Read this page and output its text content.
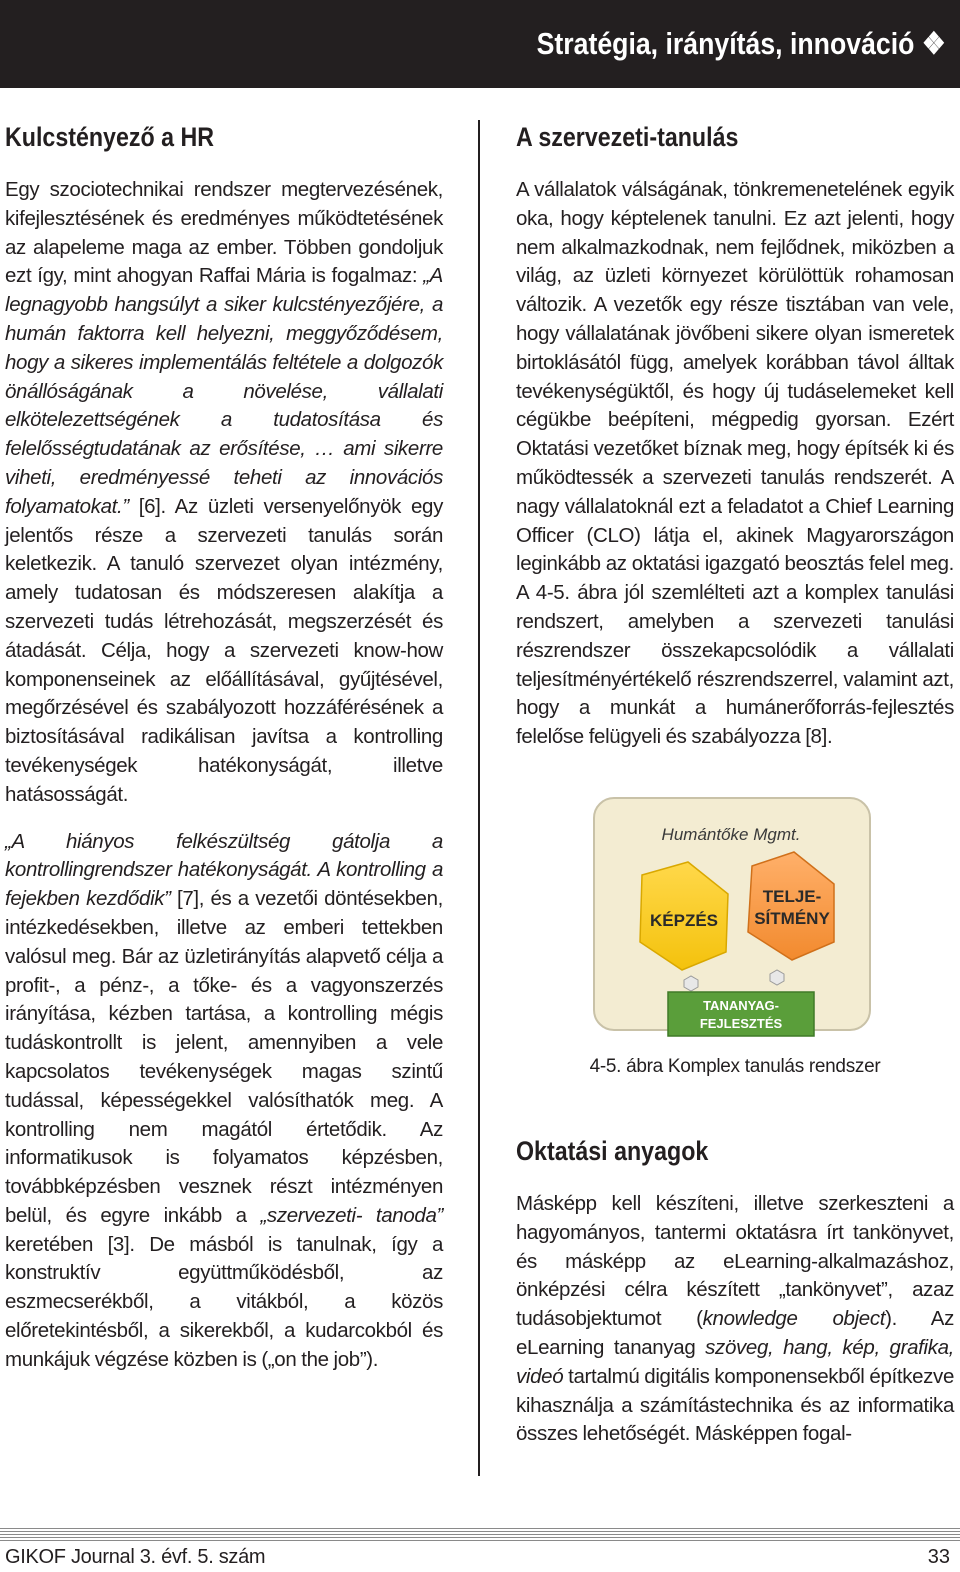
Stratégia, irányítás, innováció ❖
Kulcstényező a HR

Egy szociotechnikai rendszer megtervezésének, kifejlesztésének és eredményes működtetésének az alapeleme maga az ember. Többen gondoljuk ezt így, mint ahogyan Raffai Mária is fogalmaz: „A legnagyobb hangsúlyt a siker kulcstényezőjére, a humán faktorra kell helyezni, meggyőződésem, hogy a sikeres implementálás feltétele a dolgozók önállóságának a növelése, vállalati elkötelezettségének a tudatosítása és felelősségtudatának az erősítése, … ami sikerre viheti, eredményessé teheti az innovációs folyamatokat.” [6]. Az üzleti versenyelőnyök egy jelentős része a szervezeti tanulás során keletkezik. A tanuló szervezet olyan intézmény, amely tudatosan és módszeresen alakítja a szervezeti tudás létrehozását, megszerzését és átadását. Célja, hogy a szervezeti know-how komponenseinek az előállításával, gyűjtésével, megőrzésével és szabályozott hozzáférésének a biztosításával radikálisan javítsa a kontrolling tevékenységek hatékonyságát, illetve hatásosságát.

„A hiányos felkészültség gátolja a kontrollingrendszer hatékonyságát. A kontrolling a fejekben kezdődik” [7], és a vezetői döntésekben, intézkedésekben, illetve az emberi tettekben valósul meg. Bár az üzletirányítás alapvető célja a profit-, a pénz-, a tőke- és a vagyonszerzés irányítása, kézben tartása, a kontrolling mégis tudáskontrollt is jelent, amennyiben a vele kapcsolatos tevékenységek magas szintű tudással, képességekkel valósíthatók meg. A kontrolling nem magától értetődik. Az informatikusok is folyamatos képzésben, továbbképzésben vesznek részt intézményen belül, és egyre inkább a „szervezeti- tanoda” keretében [3]. De másból is tanulnak, így a konstruktív együttműködésből, az eszmecserékből, a vitákból, a közös előretekintésből, a sikerekből, a kudarcokból és munkájuk végzése közben is („on the job”).

A szervezeti-tanulás

A vállalatok válságának, tönkremenetelének egyik oka, hogy képtelenek tanulni. Ez azt jelenti, hogy nem alkalmazkodnak, nem fejlődnek, miközben a világ, az üzleti környezet körülöttük rohamosan változik. A vezetők egy része tisztában van vele, hogy vállalatának jövőbeni sikere olyan ismeretek birtoklásától függ, amelyek korábban távol álltak tevékenységüktől, és hogy új tudáselemeket kell cégükbe beépíteni, mégpedig gyorsan. Ezért Oktatási vezetőket bíznak meg, hogy építsék ki és működtessék a szervezeti tanulás rendszerét. A nagy vállalatoknál ezt a feladatot a Chief Learning Officer (CLO) látja el, akinek Magyarországon leginkább az oktatási igazgató beosztás felel meg. A 4-5. ábra jól szemlélteti azt a komplex tanulási rendszert, amelyben a szervezeti tanulási részrendszer összekapcsolódik a vállalati teljesítményértékelő részrendszerrel, valamint azt, hogy a munkát a humánerőforrás-fejlesztés felelőse felügyeli és szabályozza [8].

Humántőke Mgmt.
KÉPZÉS
TELJE-
SÍTMÉNY
TANANYAG-
FEJLESZTÉS
4-5. ábra Komplex tanulás rendszer
Oktatási anyagok

Másképp kell készíteni, illetve szerkeszteni a hagyományos, tantermi oktatásra írt tankönyvet, és másképp az eLearning-alkalmazáshoz, önképzési célra készített „tankönyvet”, azaz tudásobjektumot (knowledge object). Az eLearning tananyag szöveg, hang, kép, grafika, videó tartalmú digitális komponensekből építkezve kihasználja a számítástechnika és az informatika összes lehetőségét. Másképpen fogal-

GIKOF Journal 3. évf. 5. szám	33
